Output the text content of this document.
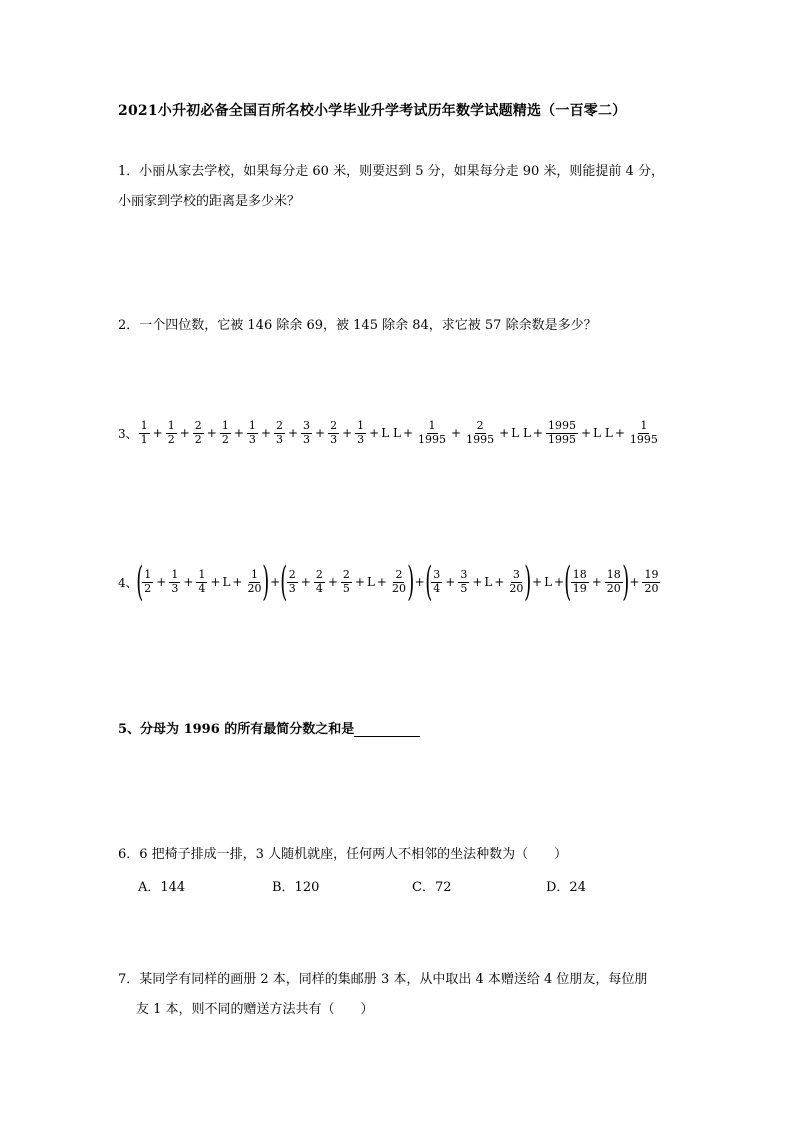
2021小升初必备全国百所名校小学毕业升学考试历年数学试题精选（一百零二）
1．小丽从家去学校，如果每分走 60 米，则要迟到 5 分，如果每分走 90 米，则能提前 4 分，
小丽家到学校的距离是多少米？
2．一个四位数，它被 146 除余 69，被 145 除余 84，求它被 57 除余数是多少？
3、 $\frac{1}{1} + \frac{1}{2} + \frac{2}{2} + \frac{1}{2} + \frac{1}{3} + \frac{2}{3} + \frac{3}{3} + \frac{2}{3} + \frac{1}{3} + L$ $L + \frac{1}{1995} + \frac{2}{1995} + L$ $L + \frac{1995}{1995} + L$ $L + \frac{1}{1995}$
4、
( $\frac{1}{2} + \frac{1}{3} + \frac{1}{4} + L + \frac{1}{20}$ ) + ( $\frac{2}{3} + \frac{2}{4} + \frac{2}{5} + L + \frac{2}{20}$ ) + ( $\frac{3}{4} + \frac{3}{5} + L + \frac{3}{20}$ ) + L + ( $\frac{18}{19} + \frac{18}{20}$ ) + $\frac{19}{20}$
5、分母为 1996 的所有最简分数之和是
6．6 把椅子排成一排，3 人随机就座，任何两人不相邻的坐法种数为（　　）
A．144	B．120	C．72	D．24
7．某同学有同样的画册 2 本，同样的集邮册 3 本，从中取出 4 本赠送给 4 位朋友，每位朋
友 1 本，则不同的赠送方法共有（　　）
